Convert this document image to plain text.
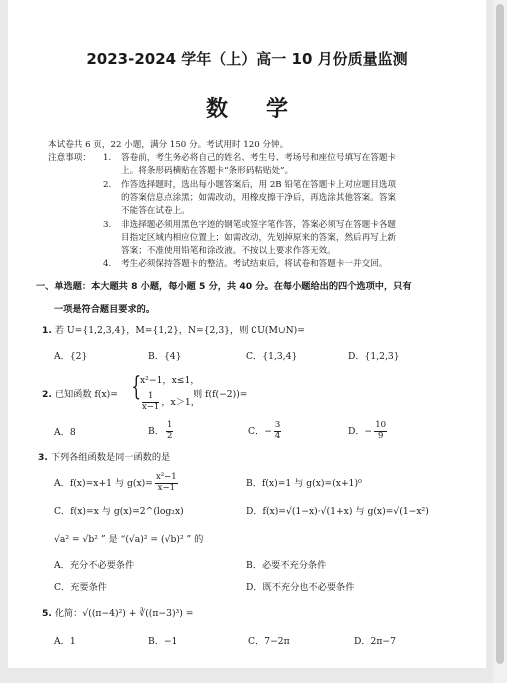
2023-2024 学年（上）高一 10 月份质量监测
数学
本试卷共 6 页，22 小题，满分 150 分。考试用时 120 分钟。
注意事项： 1. 答卷前，考生务必将自己的姓名、考生号、考场号和座位号填写在答题卡
上。将条形码横贴在答题卡“条形码粘贴处”。
2. 作答选择题时，选出每小题答案后，用 2B 铅笔在答题卡上对应题目选项
的答案信息点涂黑；如需改动，用橡皮擦干净后，再选涂其他答案。答案
不能答在试卷上。
3. 非选择题必须用黑色字迹的钢笔或签字笔作答，答案必须写在答题卡各题
目指定区域内相应位置上；如需改动，先划掉原来的答案，然后再写上新
答案；不准使用铅笔和涂改液。不按以上要求作答无效。
4. 考生必须保持答题卡的整洁。考试结束后，将试卷和答题卡一并交回。
一、单选题：本大题共 8 小题，每小题 5 分，共 40 分。在每小题给出的四个选项中，只有
一项是符合题目要求的。
1. 若 U={1,2,3,4}，M={1,2}，N={2,3}，则 ∁U(M∪N)=
A．{2}	B．{4}	C．{1,3,4}	D．{1,2,3}
2. 已知函数 f(x)= {
x²−1，x≤1，
$\frac{1}{x-1}$ ，x＞1，
则 f(f(−2))=
A．8	B． $\frac{1}{2}$	C．− $\frac{3}{4}$	D．− $\frac{10}{9}$
3. 下列各组函数是同一函数的是
A．f(x)=x+1 与 $g(x)= \frac{\text{x²−1}}{x-1}$	B．f(x)=1 与 g(x)=(x+1)⁰
C．f(x)=x 与 g(x)=2^(log₂x)	D．f(x)=√(1−x)·√(1+x) 与 g(x)=√(1−x²)
√a² = √b² ” 是 “(√a)² = (√b)² ” 的
A．充分不必要条件	B．必要不充分条件
C．充要条件	D．既不充分也不必要条件
5. 化简：√((π−4)²) + ∛((π−3)³) =
A．1	B．−1	C．7−2π	D．2π−7
